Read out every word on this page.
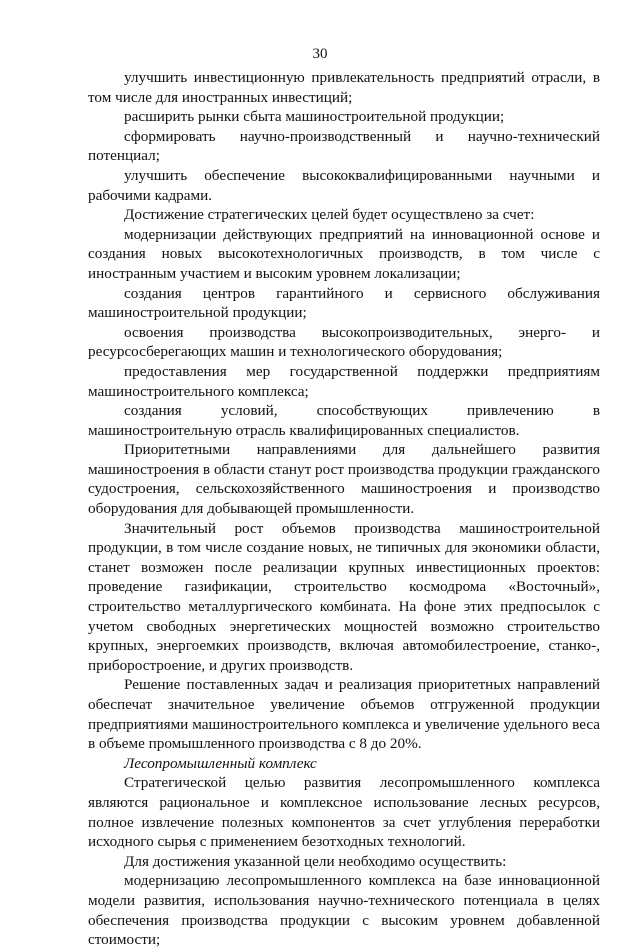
30

улучшить инвестиционную привлекательность предприятий отрасли, в том числе для иностранных инвестиций;

расширить рынки сбыта машиностроительной продукции;

сформировать научно-производственный и научно-технический потенциал;

улучшить обеспечение высококвалифицированными научными и рабочими кадрами.

Достижение стратегических целей будет осуществлено за счет:

модернизации действующих предприятий на инновационной основе и создания новых высокотехнологичных производств, в том числе с иностранным участием и высоким уровнем локализации;

создания центров гарантийного и сервисного обслуживания машиностроительной продукции;

освоения производства высокопроизводительных, энерго- и ресурсосберегающих машин и технологического оборудования;

предоставления мер государственной поддержки предприятиям машиностроительного комплекса;

создания условий, способствующих привлечению в машиностроительную отрасль квалифицированных специалистов.

Приоритетными направлениями для дальнейшего развития машиностроения в области станут рост производства продукции гражданского судостроения, сельскохозяйственного машиностроения и производство оборудования для добывающей промышленности.

Значительный рост объемов производства машиностроительной продукции, в том числе создание новых, не типичных для экономики области, станет возможен после реализации крупных инвестиционных проектов: проведение газификации, строительство космодрома «Восточный», строительство металлургического комбината. На фоне этих предпосылок с учетом свободных энергетических мощностей возможно строительство крупных, энергоемких производств, включая автомобилестроение, станко-, приборостроение, и других производств.

Решение поставленных задач и реализация приоритетных направлений обеспечат значительное увеличение объемов отгруженной продукции предприятиями машиностроительного комплекса и увеличение удельного веса в объеме промышленного производства с 8 до 20%.

Лесопромышленный комплекс

Стратегической целью развития лесопромышленного комплекса являются рациональное и комплексное использование лесных ресурсов, полное извлечение полезных компонентов за счет углубления переработки исходного сырья с применением безотходных технологий.

Для достижения указанной цели необходимо осуществить:

модернизацию лесопромышленного комплекса на базе инновационной модели развития, использования научно-технического потенциала в целях обеспечения производства продукции с высоким уровнем добавленной стоимости;
